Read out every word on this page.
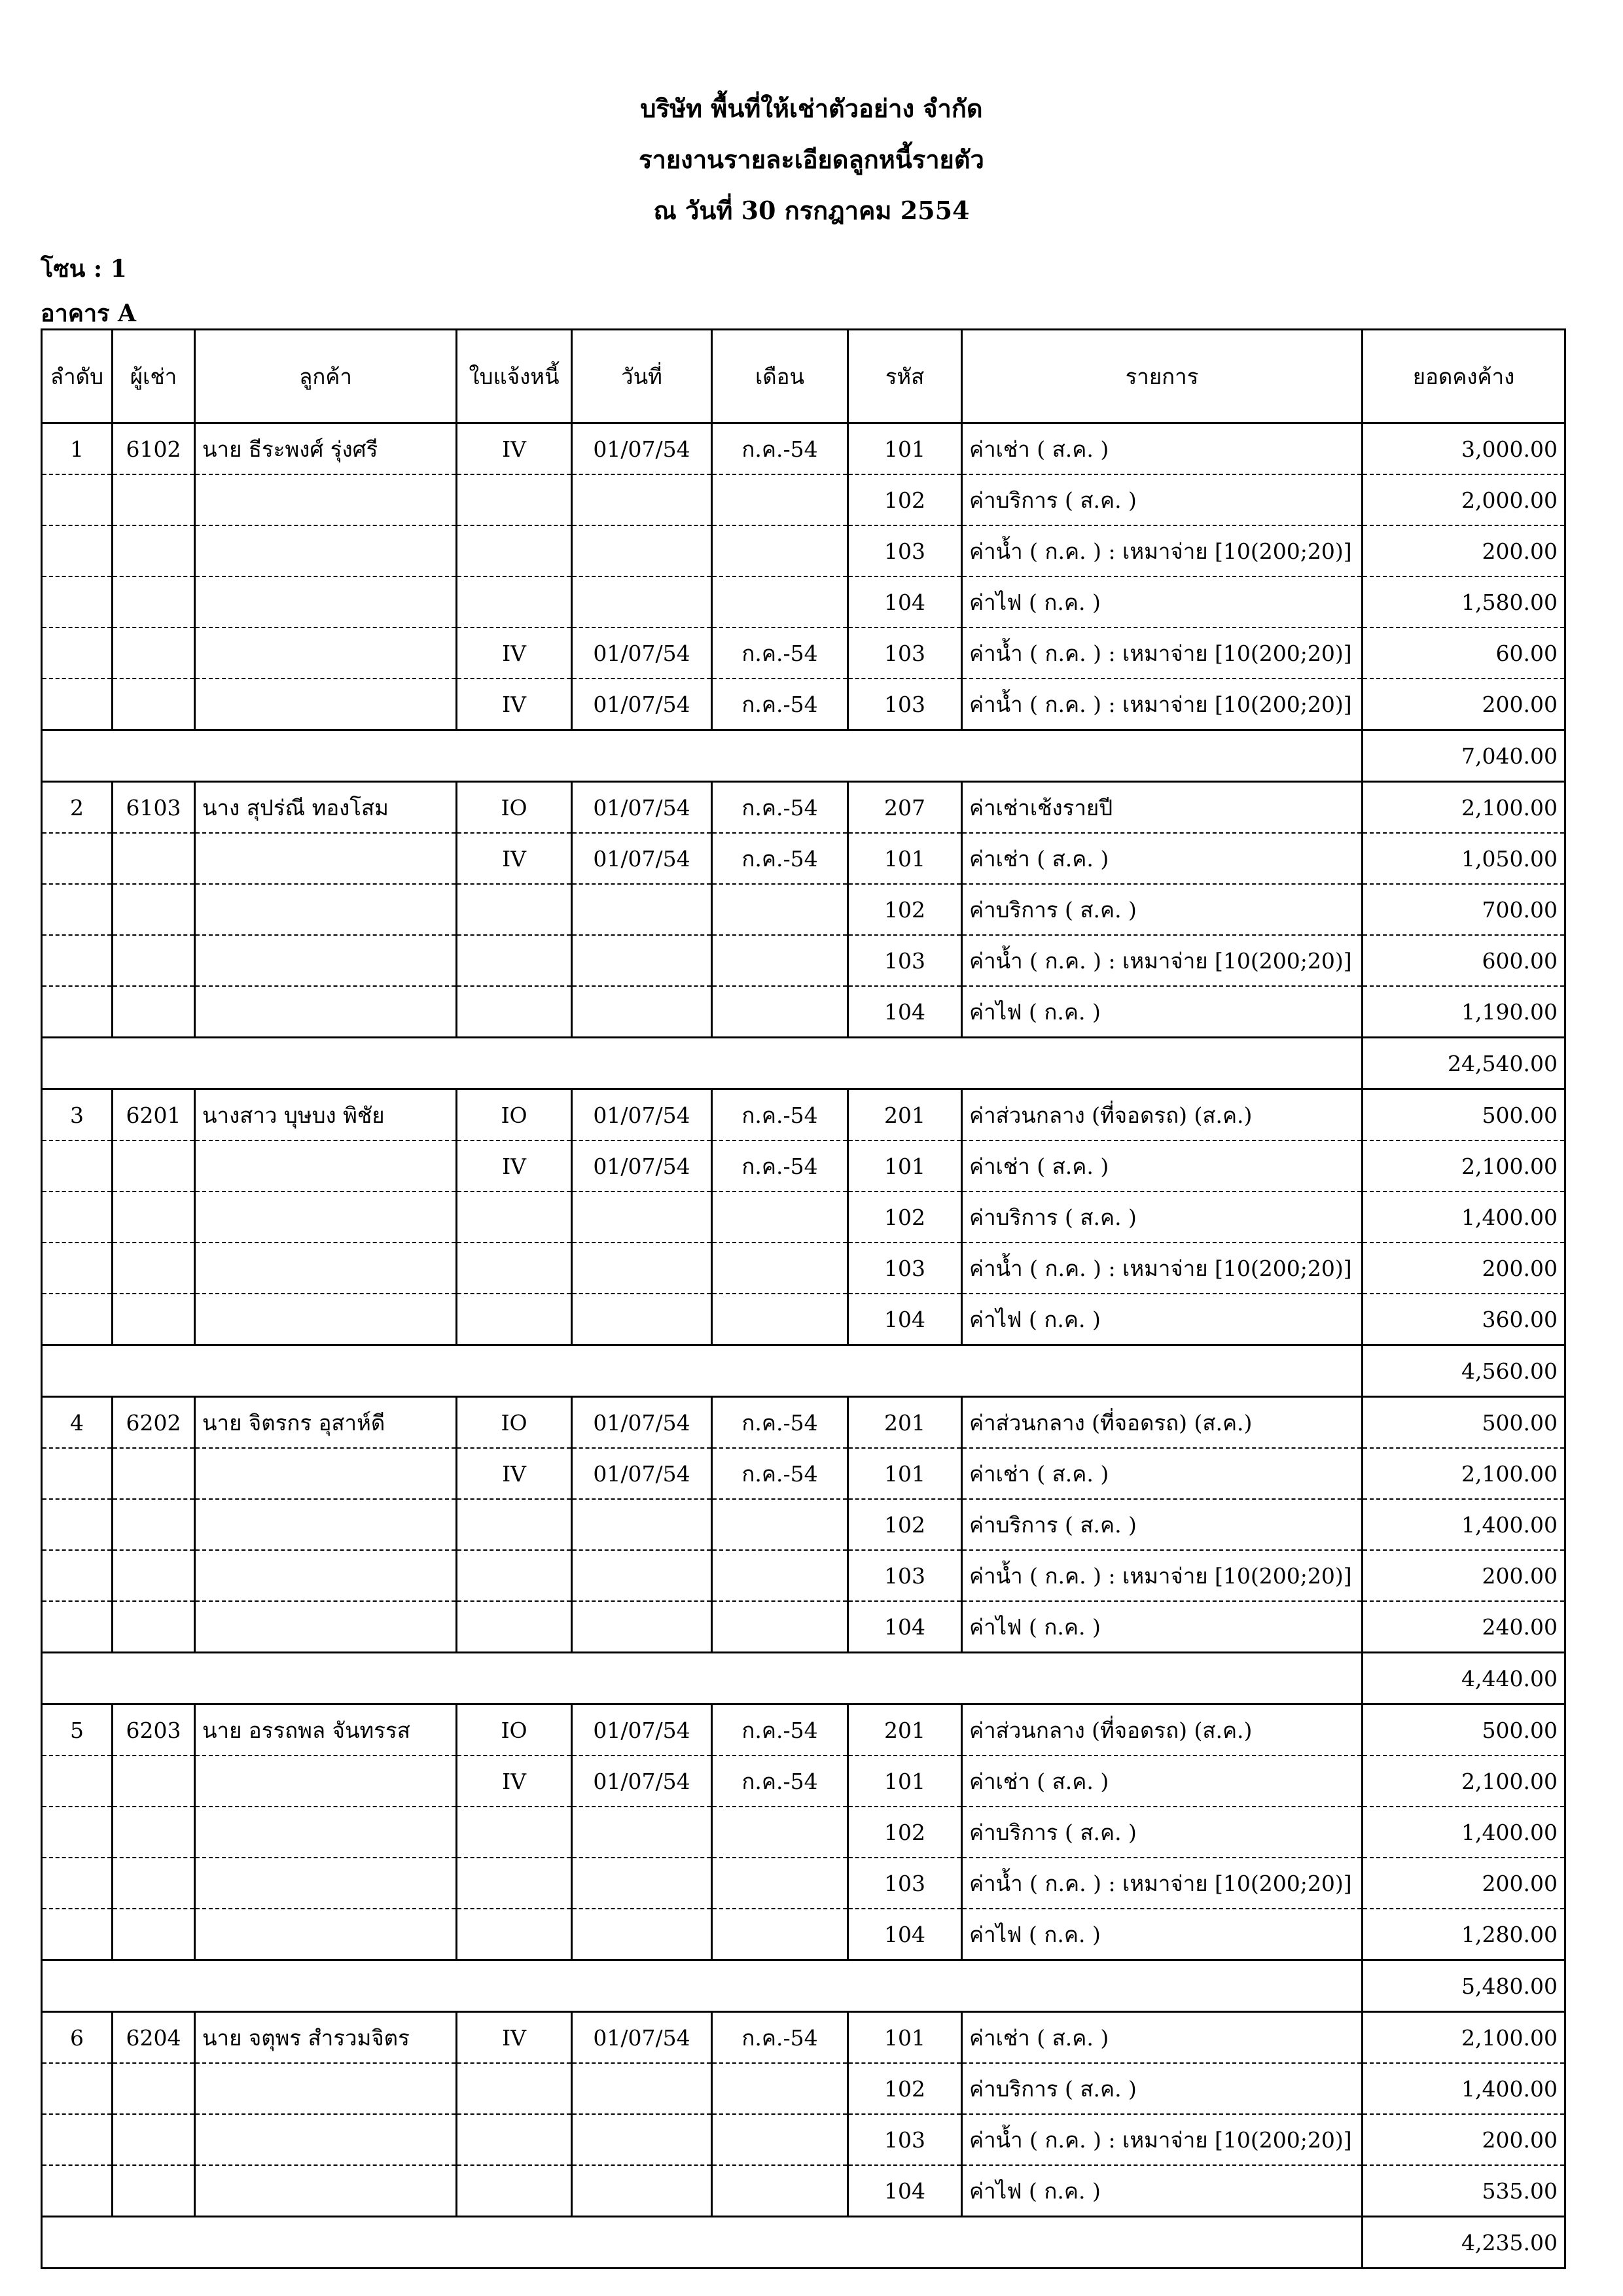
บริษัท พื้นที่ให้เช่าตัวอย่าง จำกัด
รายงานรายละเอียดลูกหนี้รายตัว
ณ วันที่ 30 กรกฎาคม 2554
โซน : 1
อาคาร A
ลำดับ	ผู้เช่า	ลูกค้า	ใบแจ้งหนี้	วันที่	เดือน	รหัส	รายการ	ยอดคงค้าง
1	6102	นาย ธีระพงศ์ รุ่งศรี	IV	01/07/54	ก.ค.-54	101	ค่าเช่า ( ส.ค. )	3,000.00
						102	ค่าบริการ ( ส.ค. )	2,000.00
						103	ค่าน้ำ ( ก.ค. ) : เหมาจ่าย [10(200;20)]	200.00
						104	ค่าไฟ ( ก.ค. )	1,580.00
			IV	01/07/54	ก.ค.-54	103	ค่าน้ำ ( ก.ค. ) : เหมาจ่าย [10(200;20)]	60.00
			IV	01/07/54	ก.ค.-54	103	ค่าน้ำ ( ก.ค. ) : เหมาจ่าย [10(200;20)]	200.00
								7,040.00
2	6103	นาง สุปร่ณี ทองโสม	IO	01/07/54	ก.ค.-54	207	ค่าเช่าเช้งรายปี	2,100.00
			IV	01/07/54	ก.ค.-54	101	ค่าเช่า ( ส.ค. )	1,050.00
						102	ค่าบริการ ( ส.ค. )	700.00
						103	ค่าน้ำ ( ก.ค. ) : เหมาจ่าย [10(200;20)]	600.00
						104	ค่าไฟ ( ก.ค. )	1,190.00
								24,540.00
3	6201	นางสาว บุษบง พิชัย	IO	01/07/54	ก.ค.-54	201	ค่าส่วนกลาง (ที่จอดรถ) (ส.ค.)	500.00
			IV	01/07/54	ก.ค.-54	101	ค่าเช่า ( ส.ค. )	2,100.00
						102	ค่าบริการ ( ส.ค. )	1,400.00
						103	ค่าน้ำ ( ก.ค. ) : เหมาจ่าย [10(200;20)]	200.00
						104	ค่าไฟ ( ก.ค. )	360.00
								4,560.00
4	6202	นาย จิตรกร อุสาห์ดี	IO	01/07/54	ก.ค.-54	201	ค่าส่วนกลาง (ที่จอดรถ) (ส.ค.)	500.00
			IV	01/07/54	ก.ค.-54	101	ค่าเช่า ( ส.ค. )	2,100.00
						102	ค่าบริการ ( ส.ค. )	1,400.00
						103	ค่าน้ำ ( ก.ค. ) : เหมาจ่าย [10(200;20)]	200.00
						104	ค่าไฟ ( ก.ค. )	240.00
								4,440.00
5	6203	นาย อรรถพล จันทรรส	IO	01/07/54	ก.ค.-54	201	ค่าส่วนกลาง (ที่จอดรถ) (ส.ค.)	500.00
			IV	01/07/54	ก.ค.-54	101	ค่าเช่า ( ส.ค. )	2,100.00
						102	ค่าบริการ ( ส.ค. )	1,400.00
						103	ค่าน้ำ ( ก.ค. ) : เหมาจ่าย [10(200;20)]	200.00
						104	ค่าไฟ ( ก.ค. )	1,280.00
								5,480.00
6	6204	นาย จตุพร สำรวมจิตร	IV	01/07/54	ก.ค.-54	101	ค่าเช่า ( ส.ค. )	2,100.00
						102	ค่าบริการ ( ส.ค. )	1,400.00
						103	ค่าน้ำ ( ก.ค. ) : เหมาจ่าย [10(200;20)]	200.00
						104	ค่าไฟ ( ก.ค. )	535.00
								4,235.00
